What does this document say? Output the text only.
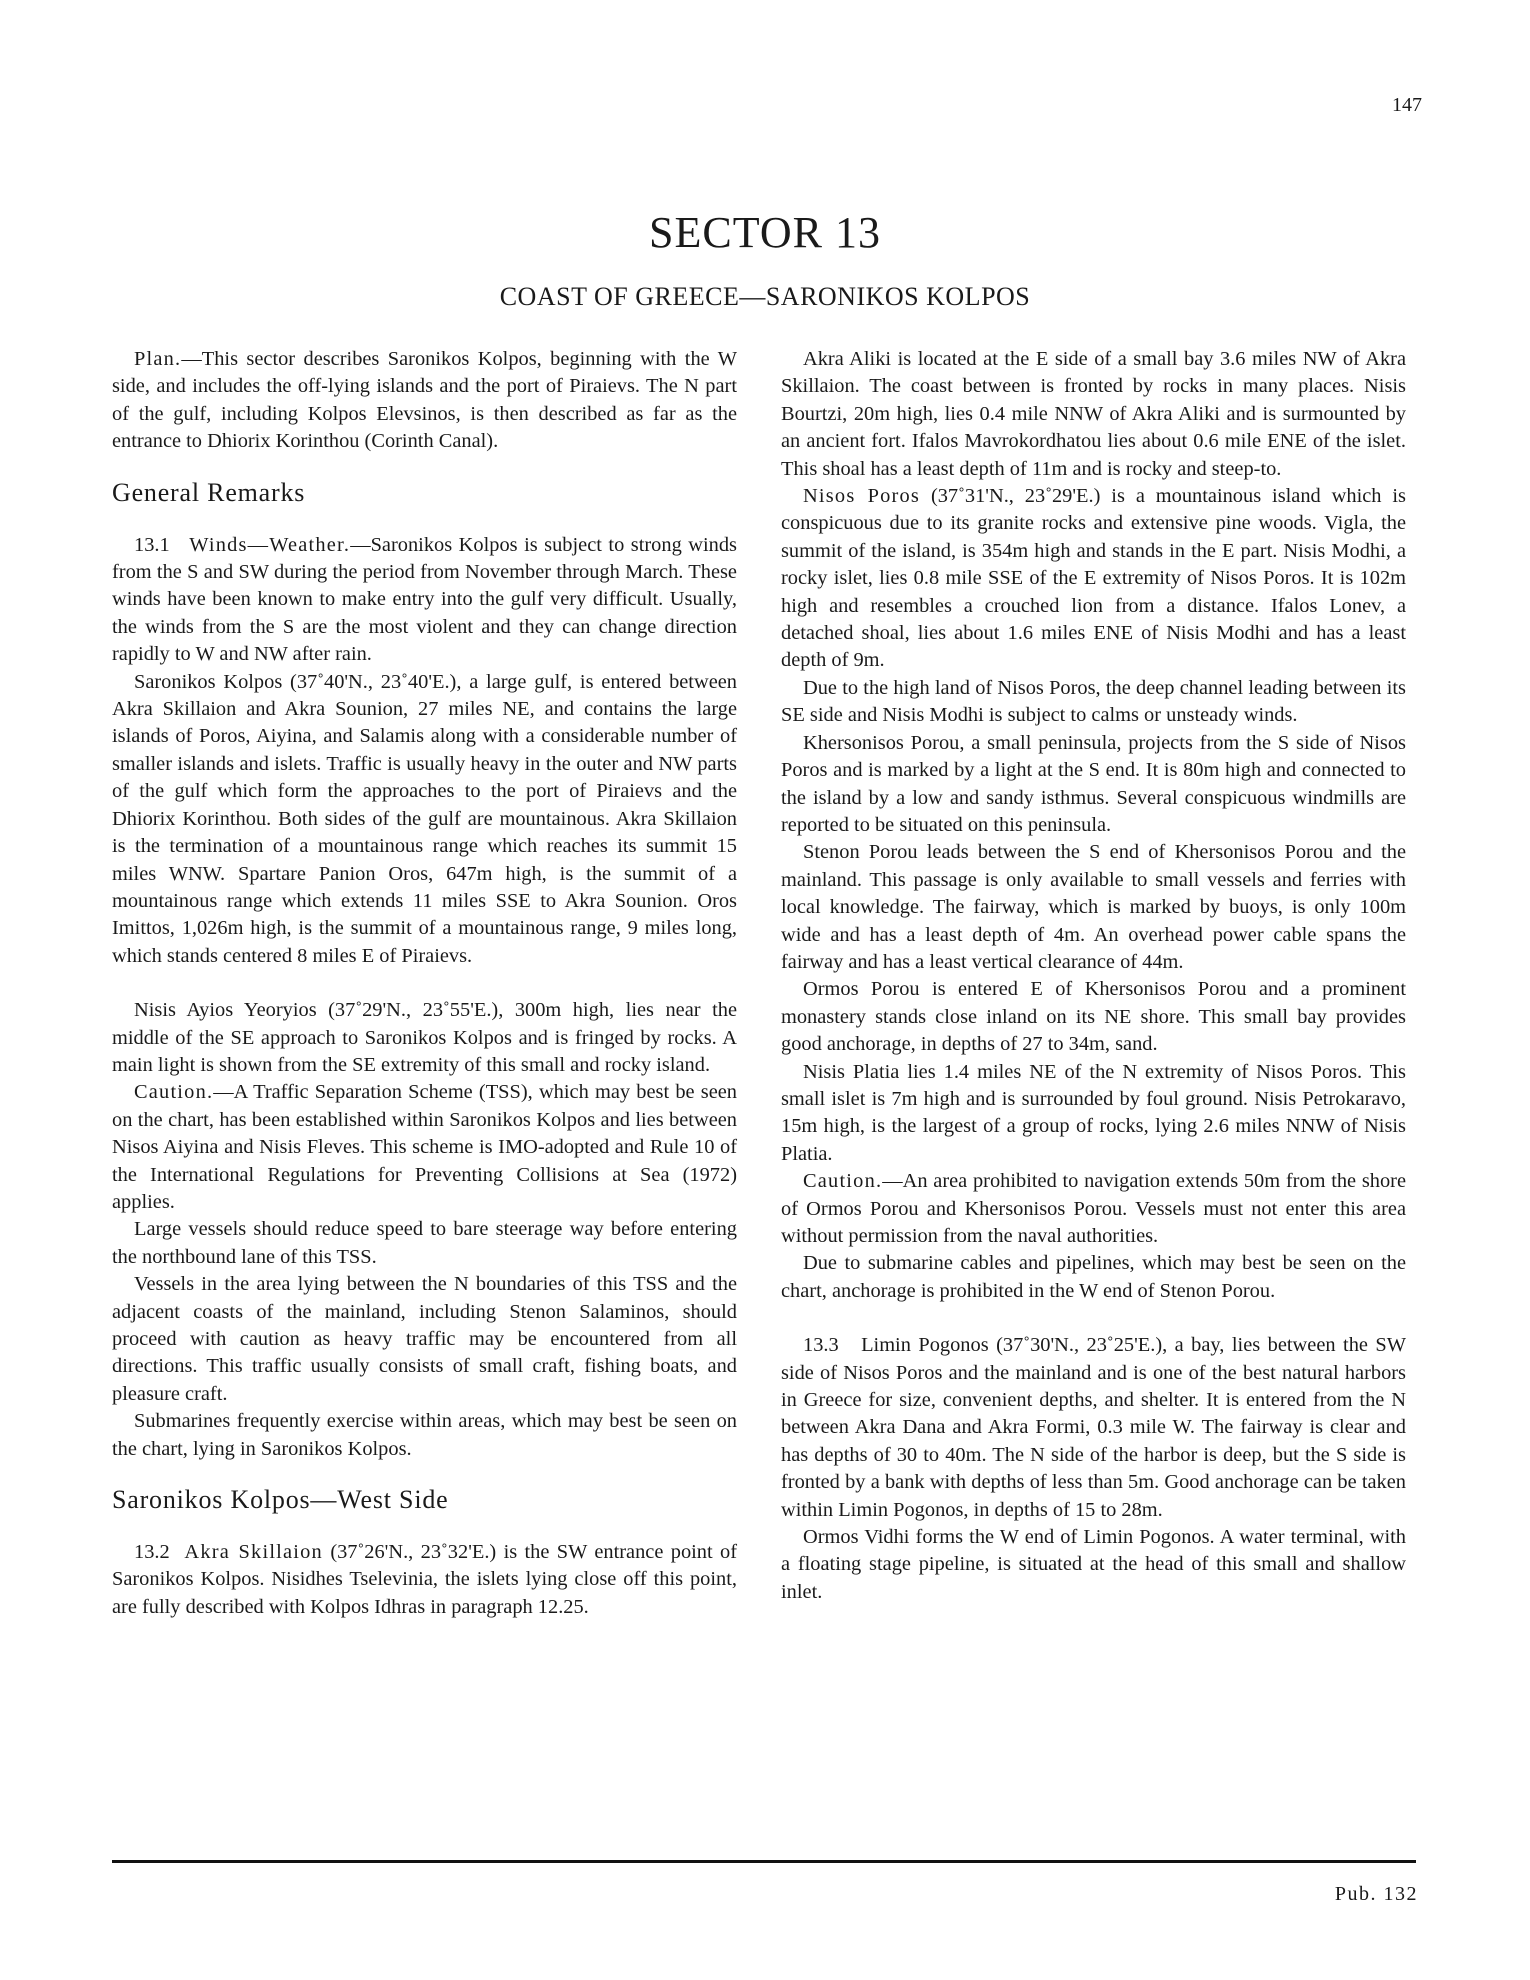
147
SECTOR 13
COAST OF GREECE—SARONIKOS KOLPOS

Plan.—This sector describes Saronikos Kolpos, beginning with the W side, and includes the off-lying islands and the port of Piraievs. The N part of the gulf, including Kolpos Elevsinos, is then described as far as the entrance to Dhiorix Korinthou (Corinth Canal).

General Remarks

13.1 Winds—Weather.—Saronikos Kolpos is subject to strong winds from the S and SW during the period from November through March. These winds have been known to make entry into the gulf very difficult. Usually, the winds from the S are the most violent and they can change direction rapidly to W and NW after rain.

Saronikos Kolpos (37˚40'N., 23˚40'E.), a large gulf, is entered between Akra Skillaion and Akra Sounion, 27 miles NE, and contains the large islands of Poros, Aiyina, and Salamis along with a considerable number of smaller islands and islets. Traffic is usually heavy in the outer and NW parts of the gulf which form the approaches to the port of Piraievs and the Dhiorix Korinthou. Both sides of the gulf are mountainous. Akra Skillaion is the termination of a mountainous range which reaches its summit 15 miles WNW. Spartare Panion Oros, 647m high, is the summit of a mountainous range which extends 11 miles SSE to Akra Sounion. Oros Imittos, 1,026m high, is the summit of a mountainous range, 9 miles long, which stands centered 8 miles E of Piraievs.

Nisis Ayios Yeoryios (37˚29'N., 23˚55'E.), 300m high, lies near the middle of the SE approach to Saronikos Kolpos and is fringed by rocks. A main light is shown from the SE extremity of this small and rocky island.

Caution.—A Traffic Separation Scheme (TSS), which may best be seen on the chart, has been established within Saronikos Kolpos and lies between Nisos Aiyina and Nisis Fleves. This scheme is IMO-adopted and Rule 10 of the International Regulations for Preventing Collisions at Sea (1972) applies.

Large vessels should reduce speed to bare steerage way before entering the northbound lane of this TSS.

Vessels in the area lying between the N boundaries of this TSS and the adjacent coasts of the mainland, including Stenon Salaminos, should proceed with caution as heavy traffic may be encountered from all directions. This traffic usually consists of small craft, fishing boats, and pleasure craft.

Submarines frequently exercise within areas, which may best be seen on the chart, lying in Saronikos Kolpos.

Saronikos Kolpos—West Side

13.2 Akra Skillaion (37˚26'N., 23˚32'E.) is the SW entrance point of Saronikos Kolpos. Nisidhes Tselevinia, the islets lying close off this point, are fully described with Kolpos Idhras in paragraph 12.25.

Akra Aliki is located at the E side of a small bay 3.6 miles NW of Akra Skillaion. The coast between is fronted by rocks in many places. Nisis Bourtzi, 20m high, lies 0.4 mile NNW of Akra Aliki and is surmounted by an ancient fort. Ifalos Mavrokordhatou lies about 0.6 mile ENE of the islet. This shoal has a least depth of 11m and is rocky and steep-to.

Nisos Poros (37˚31'N., 23˚29'E.) is a mountainous island which is conspicuous due to its granite rocks and extensive pine woods. Vigla, the summit of the island, is 354m high and stands in the E part. Nisis Modhi, a rocky islet, lies 0.8 mile SSE of the E extremity of Nisos Poros. It is 102m high and resembles a crouched lion from a distance. Ifalos Lonev, a detached shoal, lies about 1.6 miles ENE of Nisis Modhi and has a least depth of 9m.

Due to the high land of Nisos Poros, the deep channel leading between its SE side and Nisis Modhi is subject to calms or unsteady winds.

Khersonisos Porou, a small peninsula, projects from the S side of Nisos Poros and is marked by a light at the S end. It is 80m high and connected to the island by a low and sandy isthmus. Several conspicuous windmills are reported to be situated on this peninsula.

Stenon Porou leads between the S end of Khersonisos Porou and the mainland. This passage is only available to small vessels and ferries with local knowledge. The fairway, which is marked by buoys, is only 100m wide and has a least depth of 4m. An overhead power cable spans the fairway and has a least vertical clearance of 44m.

Ormos Porou is entered E of Khersonisos Porou and a prominent monastery stands close inland on its NE shore. This small bay provides good anchorage, in depths of 27 to 34m, sand.

Nisis Platia lies 1.4 miles NE of the N extremity of Nisos Poros. This small islet is 7m high and is surrounded by foul ground. Nisis Petrokaravo, 15m high, is the largest of a group of rocks, lying 2.6 miles NNW of Nisis Platia.

Caution.—An area prohibited to navigation extends 50m from the shore of Ormos Porou and Khersonisos Porou. Vessels must not enter this area without permission from the naval authorities.

Due to submarine cables and pipelines, which may best be seen on the chart, anchorage is prohibited in the W end of Stenon Porou.

13.3 Limin Pogonos (37˚30'N., 23˚25'E.), a bay, lies between the SW side of Nisos Poros and the mainland and is one of the best natural harbors in Greece for size, convenient depths, and shelter. It is entered from the N between Akra Dana and Akra Formi, 0.3 mile W. The fairway is clear and has depths of 30 to 40m. The N side of the harbor is deep, but the S side is fronted by a bank with depths of less than 5m. Good anchorage can be taken within Limin Pogonos, in depths of 15 to 28m.

Ormos Vidhi forms the W end of Limin Pogonos. A water terminal, with a floating stage pipeline, is situated at the head of this small and shallow inlet.

Pub. 132
